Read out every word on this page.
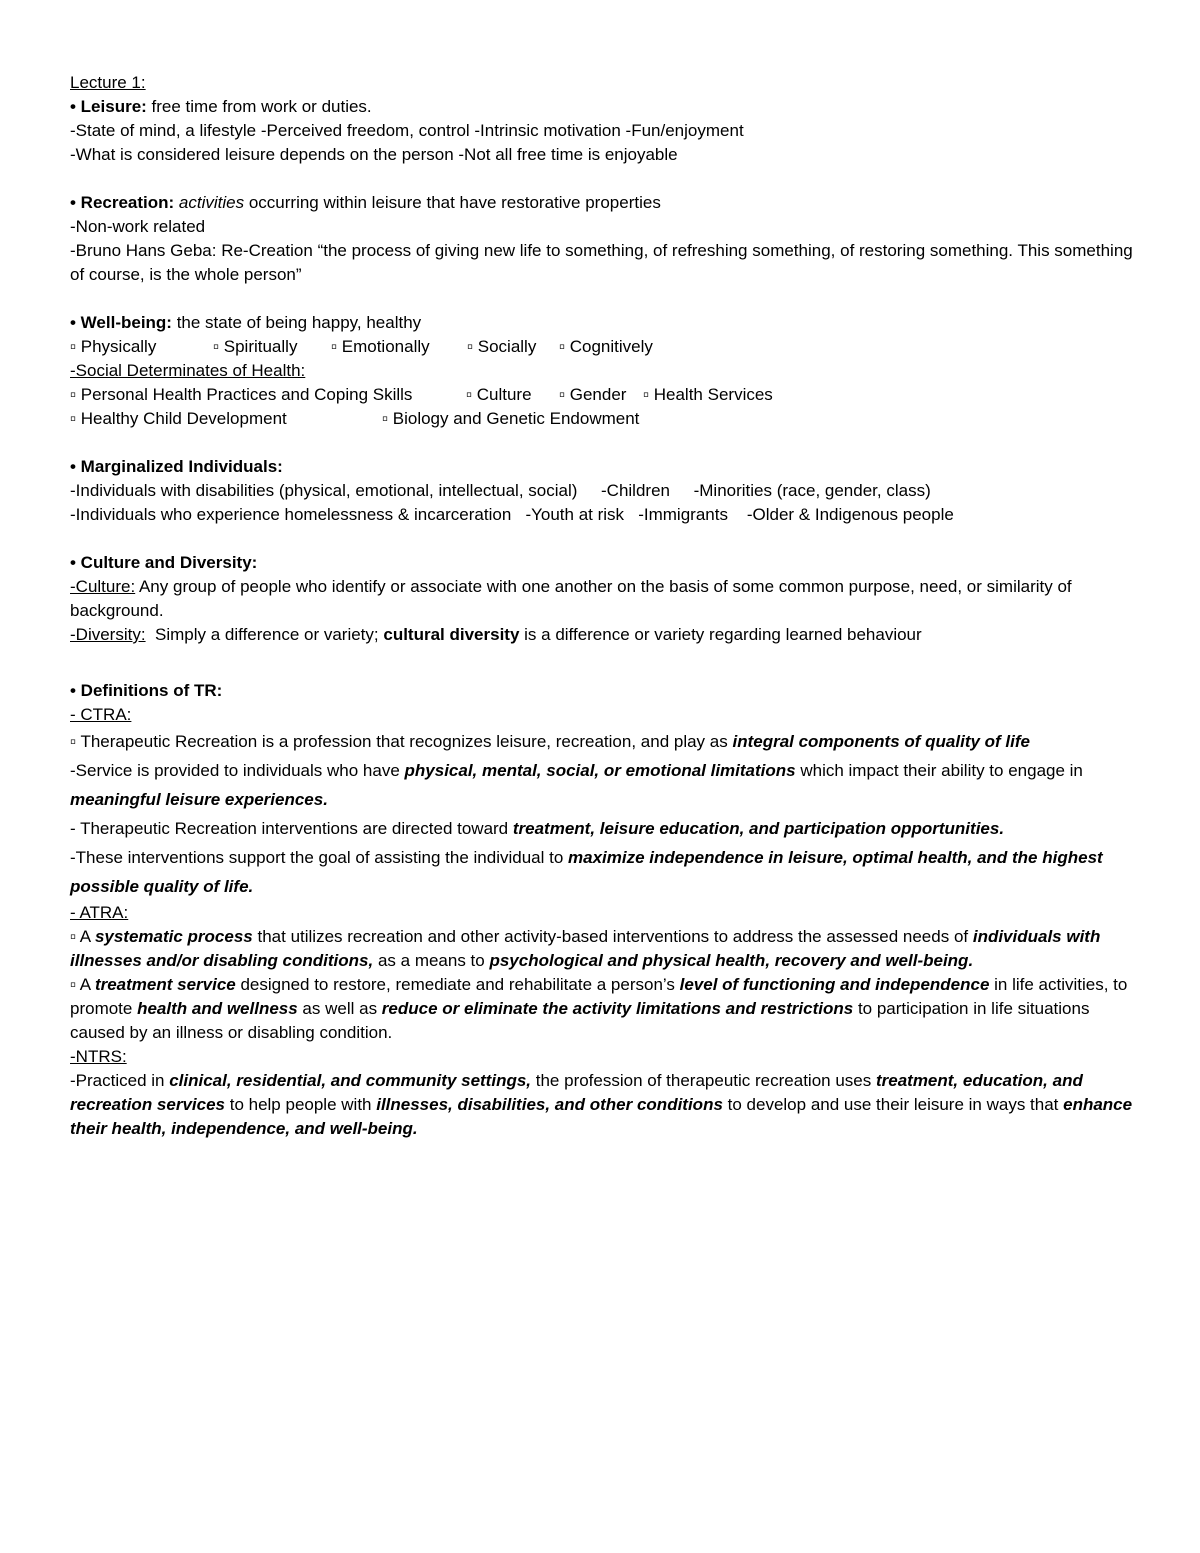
Lecture 1:
• Leisure: free time from work or duties.
-State of mind, a lifestyle -Perceived freedom, control -Intrinsic motivation -Fun/enjoyment
-What is considered leisure depends on the person -Not all free time is enjoyable
• Recreation: activities occurring within leisure that have restorative properties
-Non-work related
-Bruno Hans Geba: Re-Creation “the process of giving new life to something, of refreshing something, of restoring something. This something of course, is the whole person”
• Well-being: the state of being happy, healthy
▫ Physically	▫ Spiritually ▫ Emotionally ▫ Socially ▫ Cognitively
-Social Determinates of Health:
▫ Personal Health Practices and Coping Skills	▫ Culture ▫ Gender ▫ Health Services
▫ Healthy Child Development	▫ Biology and Genetic Endowment
• Marginalized Individuals:
-Individuals with disabilities (physical, emotional, intellectual, social)     -Children     -Minorities (race, gender, class)
-Individuals who experience homelessness & incarceration   -Youth at risk   -Immigrants    -Older & Indigenous people
• Culture and Diversity:
-Culture: Any group of people who identify or associate with one another on the basis of some common purpose, need, or similarity of background.
-Diversity:  Simply a difference or variety; cultural diversity is a difference or variety regarding learned behaviour
• Definitions of TR:
- CTRA:
▫ Therapeutic Recreation is a profession that recognizes leisure, recreation, and play as integral components of quality of life
-Service is provided to individuals who have physical, mental, social, or emotional limitations which impact their ability to engage in meaningful leisure experiences.
- Therapeutic Recreation interventions are directed toward treatment, leisure education, and participation opportunities.
-These interventions support the goal of assisting the individual to maximize independence in leisure, optimal health, and the highest possible quality of life.
- ATRA:
▫ A systematic process that utilizes recreation and other activity-based interventions to address the assessed needs of individuals with illnesses and/or disabling conditions, as a means to psychological and physical health, recovery and well-being.
▫ A treatment service designed to restore, remediate and rehabilitate a person’s level of functioning and independence in life activities, to promote health and wellness as well as reduce or eliminate the activity limitations and restrictions to participation in life situations caused by an illness or disabling condition.
-NTRS:
-Practiced in clinical, residential, and community settings, the profession of therapeutic recreation uses treatment, education, and recreation services to help people with illnesses, disabilities, and other conditions to develop and use their leisure in ways that enhance their health, independence, and well-being.
